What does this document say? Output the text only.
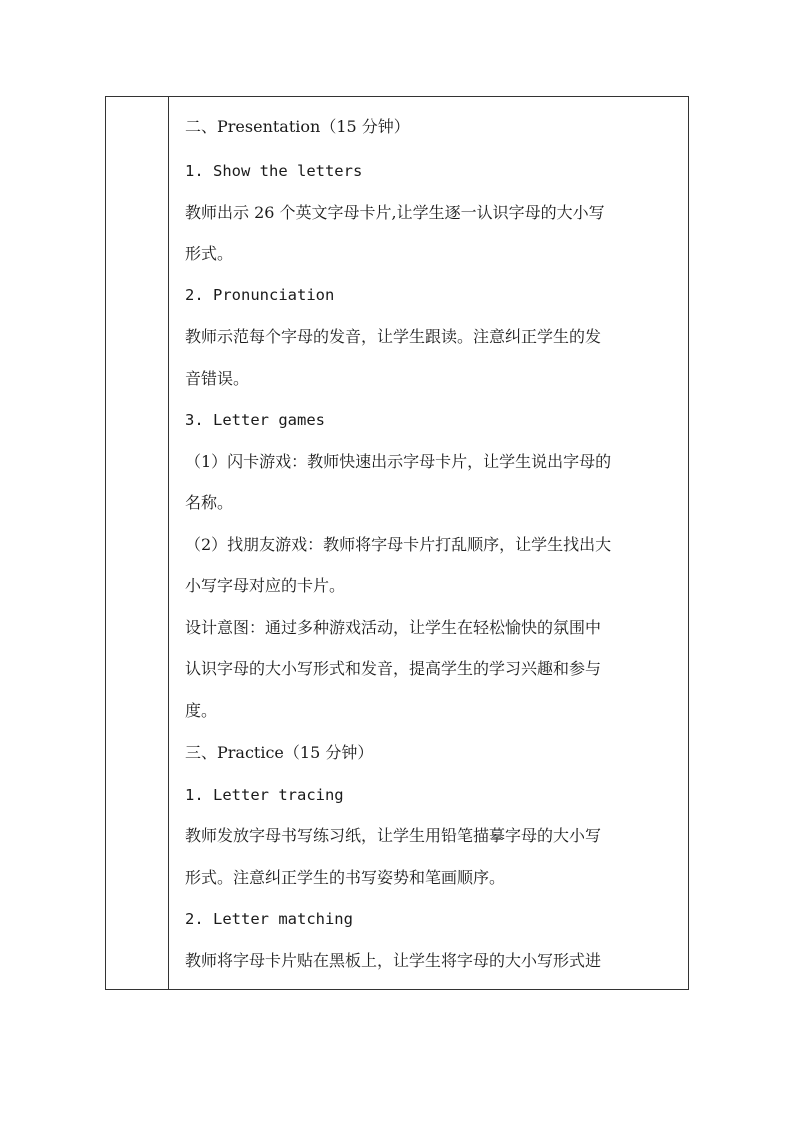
二、Presentation（15 分钟）
1. Show the letters
教师出示 26 个英文字母卡片,让学生逐一认识字母的大小写
形式。
2. Pronunciation
教师示范每个字母的发音，让学生跟读。注意纠正学生的发
音错误。
3. Letter games
（1）闪卡游戏：教师快速出示字母卡片，让学生说出字母的
名称。
（2）找朋友游戏：教师将字母卡片打乱顺序，让学生找出大
小写字母对应的卡片。
设计意图：通过多种游戏活动，让学生在轻松愉快的氛围中
认识字母的大小写形式和发音，提高学生的学习兴趣和参与
度。
三、Practice（15 分钟）
1. Letter tracing
教师发放字母书写练习纸，让学生用铅笔描摹字母的大小写
形式。注意纠正学生的书写姿势和笔画顺序。
2. Letter matching
教师将字母卡片贴在黑板上，让学生将字母的大小写形式进
